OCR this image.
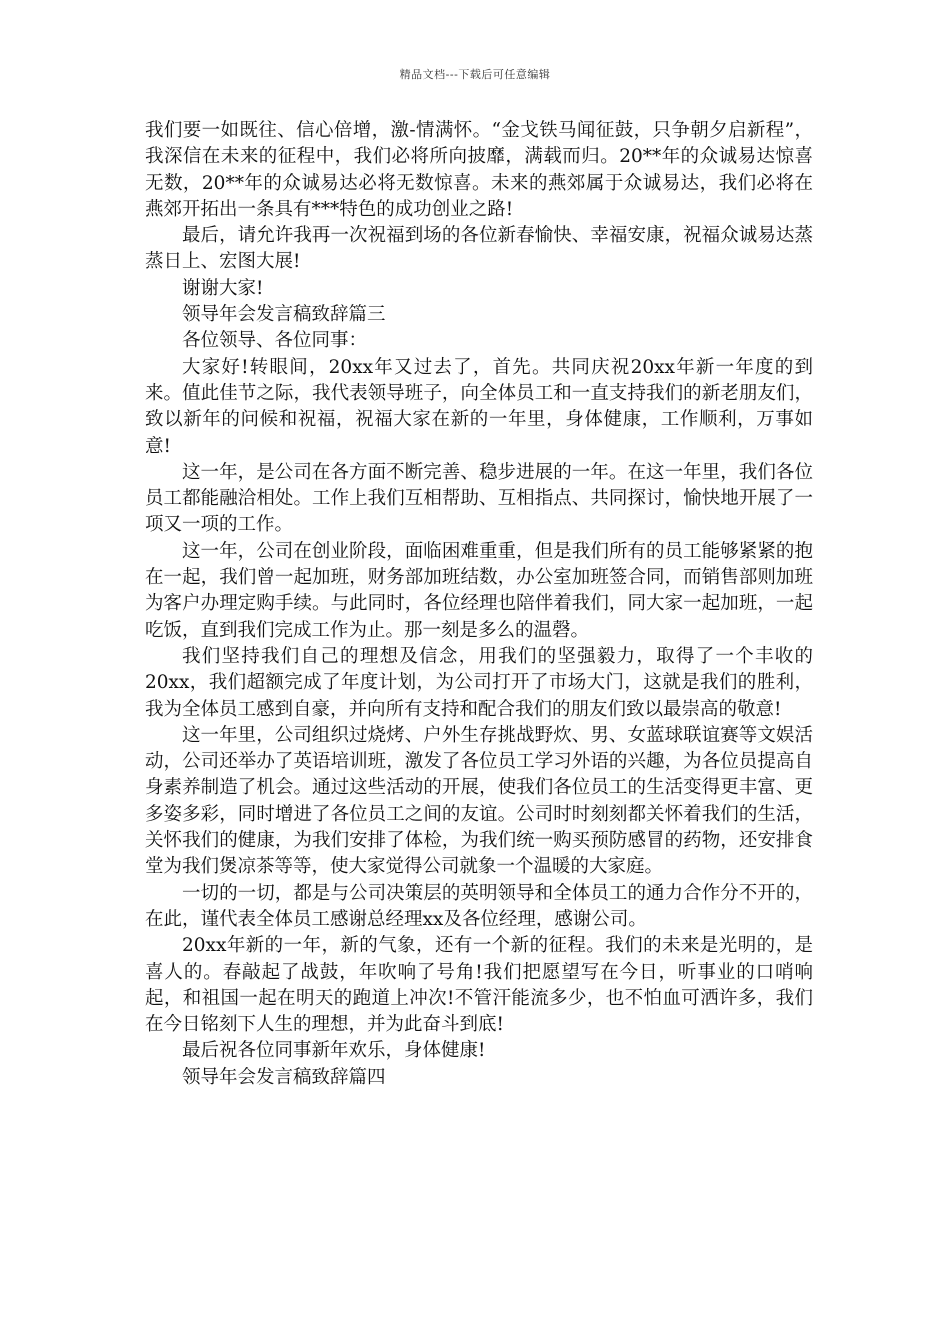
精品文档---下载后可任意编辑

我们要一如既往、信心倍增，激-情满怀。“金戈铁马闻征鼓，只争朝夕启新程”，我深信在未来的征程中，我们必将所向披靡，满载而归。20**年的众诚易达惊喜无数，20**年的众诚易达必将无数惊喜。未来的燕郊属于众诚易达，我们必将在燕郊开拓出一条具有***特色的成功创业之路!

最后，请允许我再一次祝福到场的各位新春愉快、幸福安康，祝福众诚易达蒸蒸日上、宏图大展!

谢谢大家!

领导年会发言稿致辞篇三

各位领导、各位同事：

大家好!转眼间，20xx年又过去了，首先。共同庆祝20xx年新一年度的到来。值此佳节之际，我代表领导班子，向全体员工和一直支持我们的新老朋友们，致以新年的问候和祝福，祝福大家在新的一年里，身体健康，工作顺利，万事如意!

这一年，是公司在各方面不断完善、稳步进展的一年。在这一年里，我们各位员工都能融洽相处。工作上我们互相帮助、互相指点、共同探讨，愉快地开展了一项又一项的工作。

这一年，公司在创业阶段，面临困难重重，但是我们所有的员工能够紧紧的抱在一起，我们曾一起加班，财务部加班结数，办公室加班签合同，而销售部则加班为客户办理定购手续。与此同时，各位经理也陪伴着我们，同大家一起加班，一起吃饭，直到我们完成工作为止。那一刻是多么的温磬。

我们坚持我们自己的理想及信念，用我们的坚强毅力，取得了一个丰收的20xx，我们超额完成了年度计划，为公司打开了市场大门，这就是我们的胜利，我为全体员工感到自豪，并向所有支持和配合我们的朋友们致以最崇高的敬意!

这一年里，公司组织过烧烤、户外生存挑战野炊、男、女蓝球联谊赛等文娱活动，公司还举办了英语培训班，激发了各位员工学习外语的兴趣，为各位员提高自身素养制造了机会。通过这些活动的开展，使我们各位员工的生活变得更丰富、更多姿多彩，同时增进了各位员工之间的友谊。公司时时刻刻都关怀着我们的生活，关怀我们的健康，为我们安排了体检，为我们统一购买预防感冒的药物，还安排食堂为我们煲凉茶等等，使大家觉得公司就象一个温暖的大家庭。

一切的一切，都是与公司决策层的英明领导和全体员工的通力合作分不开的，在此，谨代表全体员工感谢总经理xx及各位经理，感谢公司。

20xx年新的一年，新的气象，还有一个新的征程。我们的未来是光明的，是喜人的。春敲起了战鼓，年吹响了号角!我们把愿望写在今日，听事业的口哨响起，和祖国一起在明天的跑道上冲次!不管汗能流多少，也不怕血可洒许多，我们在今日铭刻下人生的理想，并为此奋斗到底!

最后祝各位同事新年欢乐，身体健康!

领导年会发言稿致辞篇四
